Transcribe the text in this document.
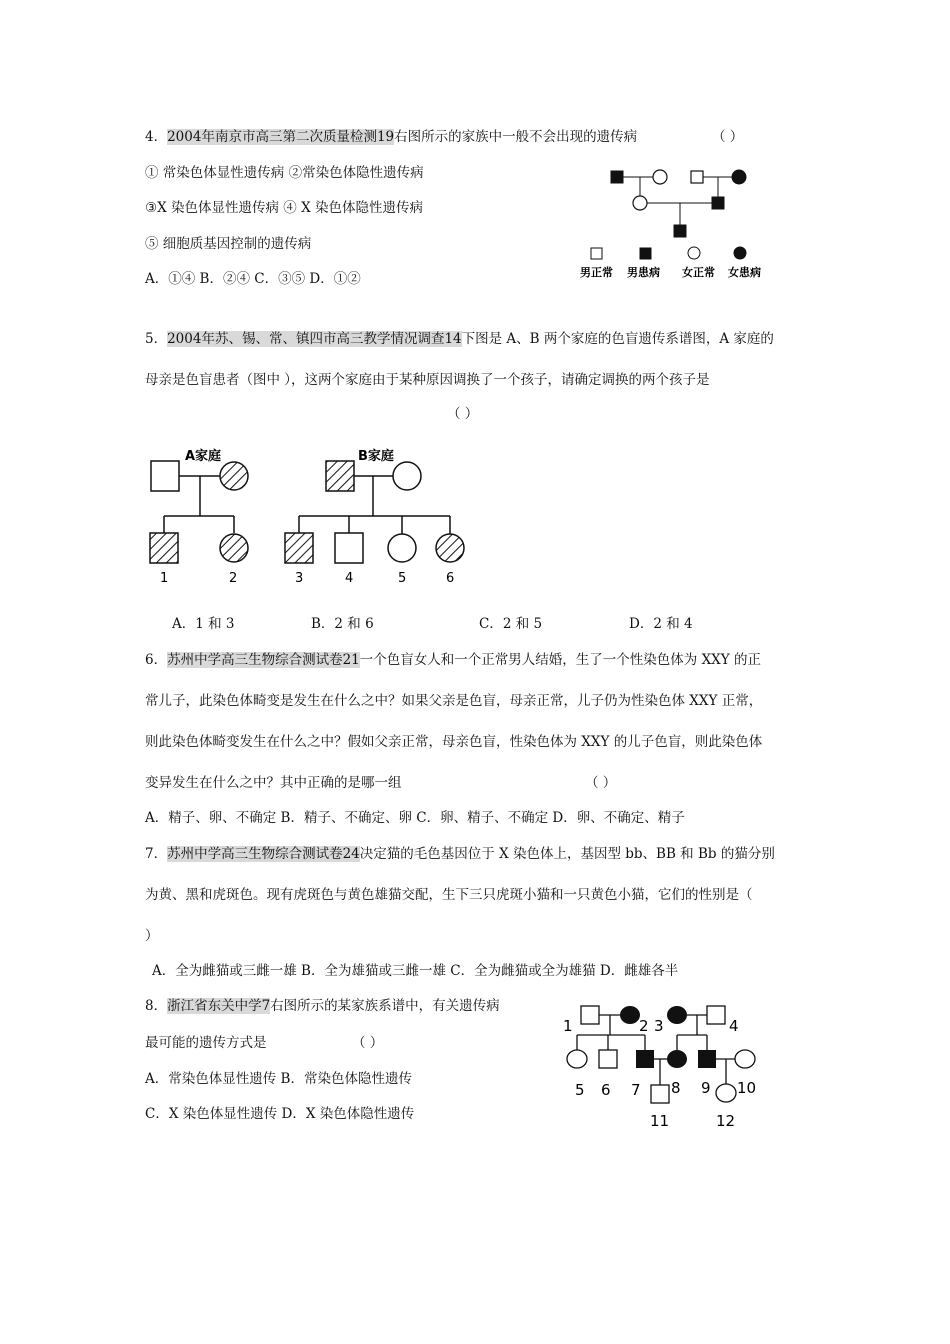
4．2004年南京市高三第二次质量检测19右图所示的家族中一般不会出现的遗传病	（ ）
① 常染色体显性遗传病 ②常染色体隐性遗传病
③X 染色体显性遗传病 ④ X 染色体隐性遗传病
⑤ 细胞质基因控制的遗传病
A．①④ B．②④ C．③⑤ D．①②	男正常 男患病 女正常 女患病
5．2004年苏、锡、常、镇四市高三教学情况调查14下图是 A、B 两个家庭的色盲遗传系谱图，A 家庭的
母亲是色盲患者（图中 ），这两个家庭由于某种原因调换了一个孩子，请确定调换的两个孩子是
（ ）
A家庭
1	2
B家庭
3	4	5	6
A．1 和 3	B．2 和 6	C．2 和 5	D．2 和 4
6．苏州中学高三生物综合测试卷21一个色盲女人和一个正常男人结婚，生了一个性染色体为 XXY 的正
常儿子，此染色体畸变是发生在什么之中？如果父亲是色盲，母亲正常，儿子仍为性染色体 XXY 正常，
则此染色体畸变发生在什么之中？假如父亲正常，母亲色盲，性染色体为 XXY 的儿子色盲，则此染色体
变异发生在什么之中？其中正确的是哪一组	（ ）
A．精子、卵、不确定 B．精子、不确定、卵 C．卵、精子、不确定 D．卵、不确定、精子
7．苏州中学高三生物综合测试卷24决定猫的毛色基因位于 X 染色体上，基因型 bb、BB 和 Bb 的猫分别
为黄、黑和虎斑色。现有虎斑色与黄色雄猫交配，生下三只虎斑小猫和一只黄色小猫，它们的性别是（
）
A．全为雌猫或三雌一雄 B．全为雄猫或三雌一雄 C．全为雌猫或全为雄猫 D．雌雄各半
8．浙江省东关中学7右图所示的某家族系谱中，有关遗传病
最可能的遗传方式是	（ ）
A．常染色体显性遗传 B．常染色体隐性遗传
C．X 染色体显性遗传 D．X 染色体隐性遗传
1	2 3	4
5 6 7 8 9 10
11	12
